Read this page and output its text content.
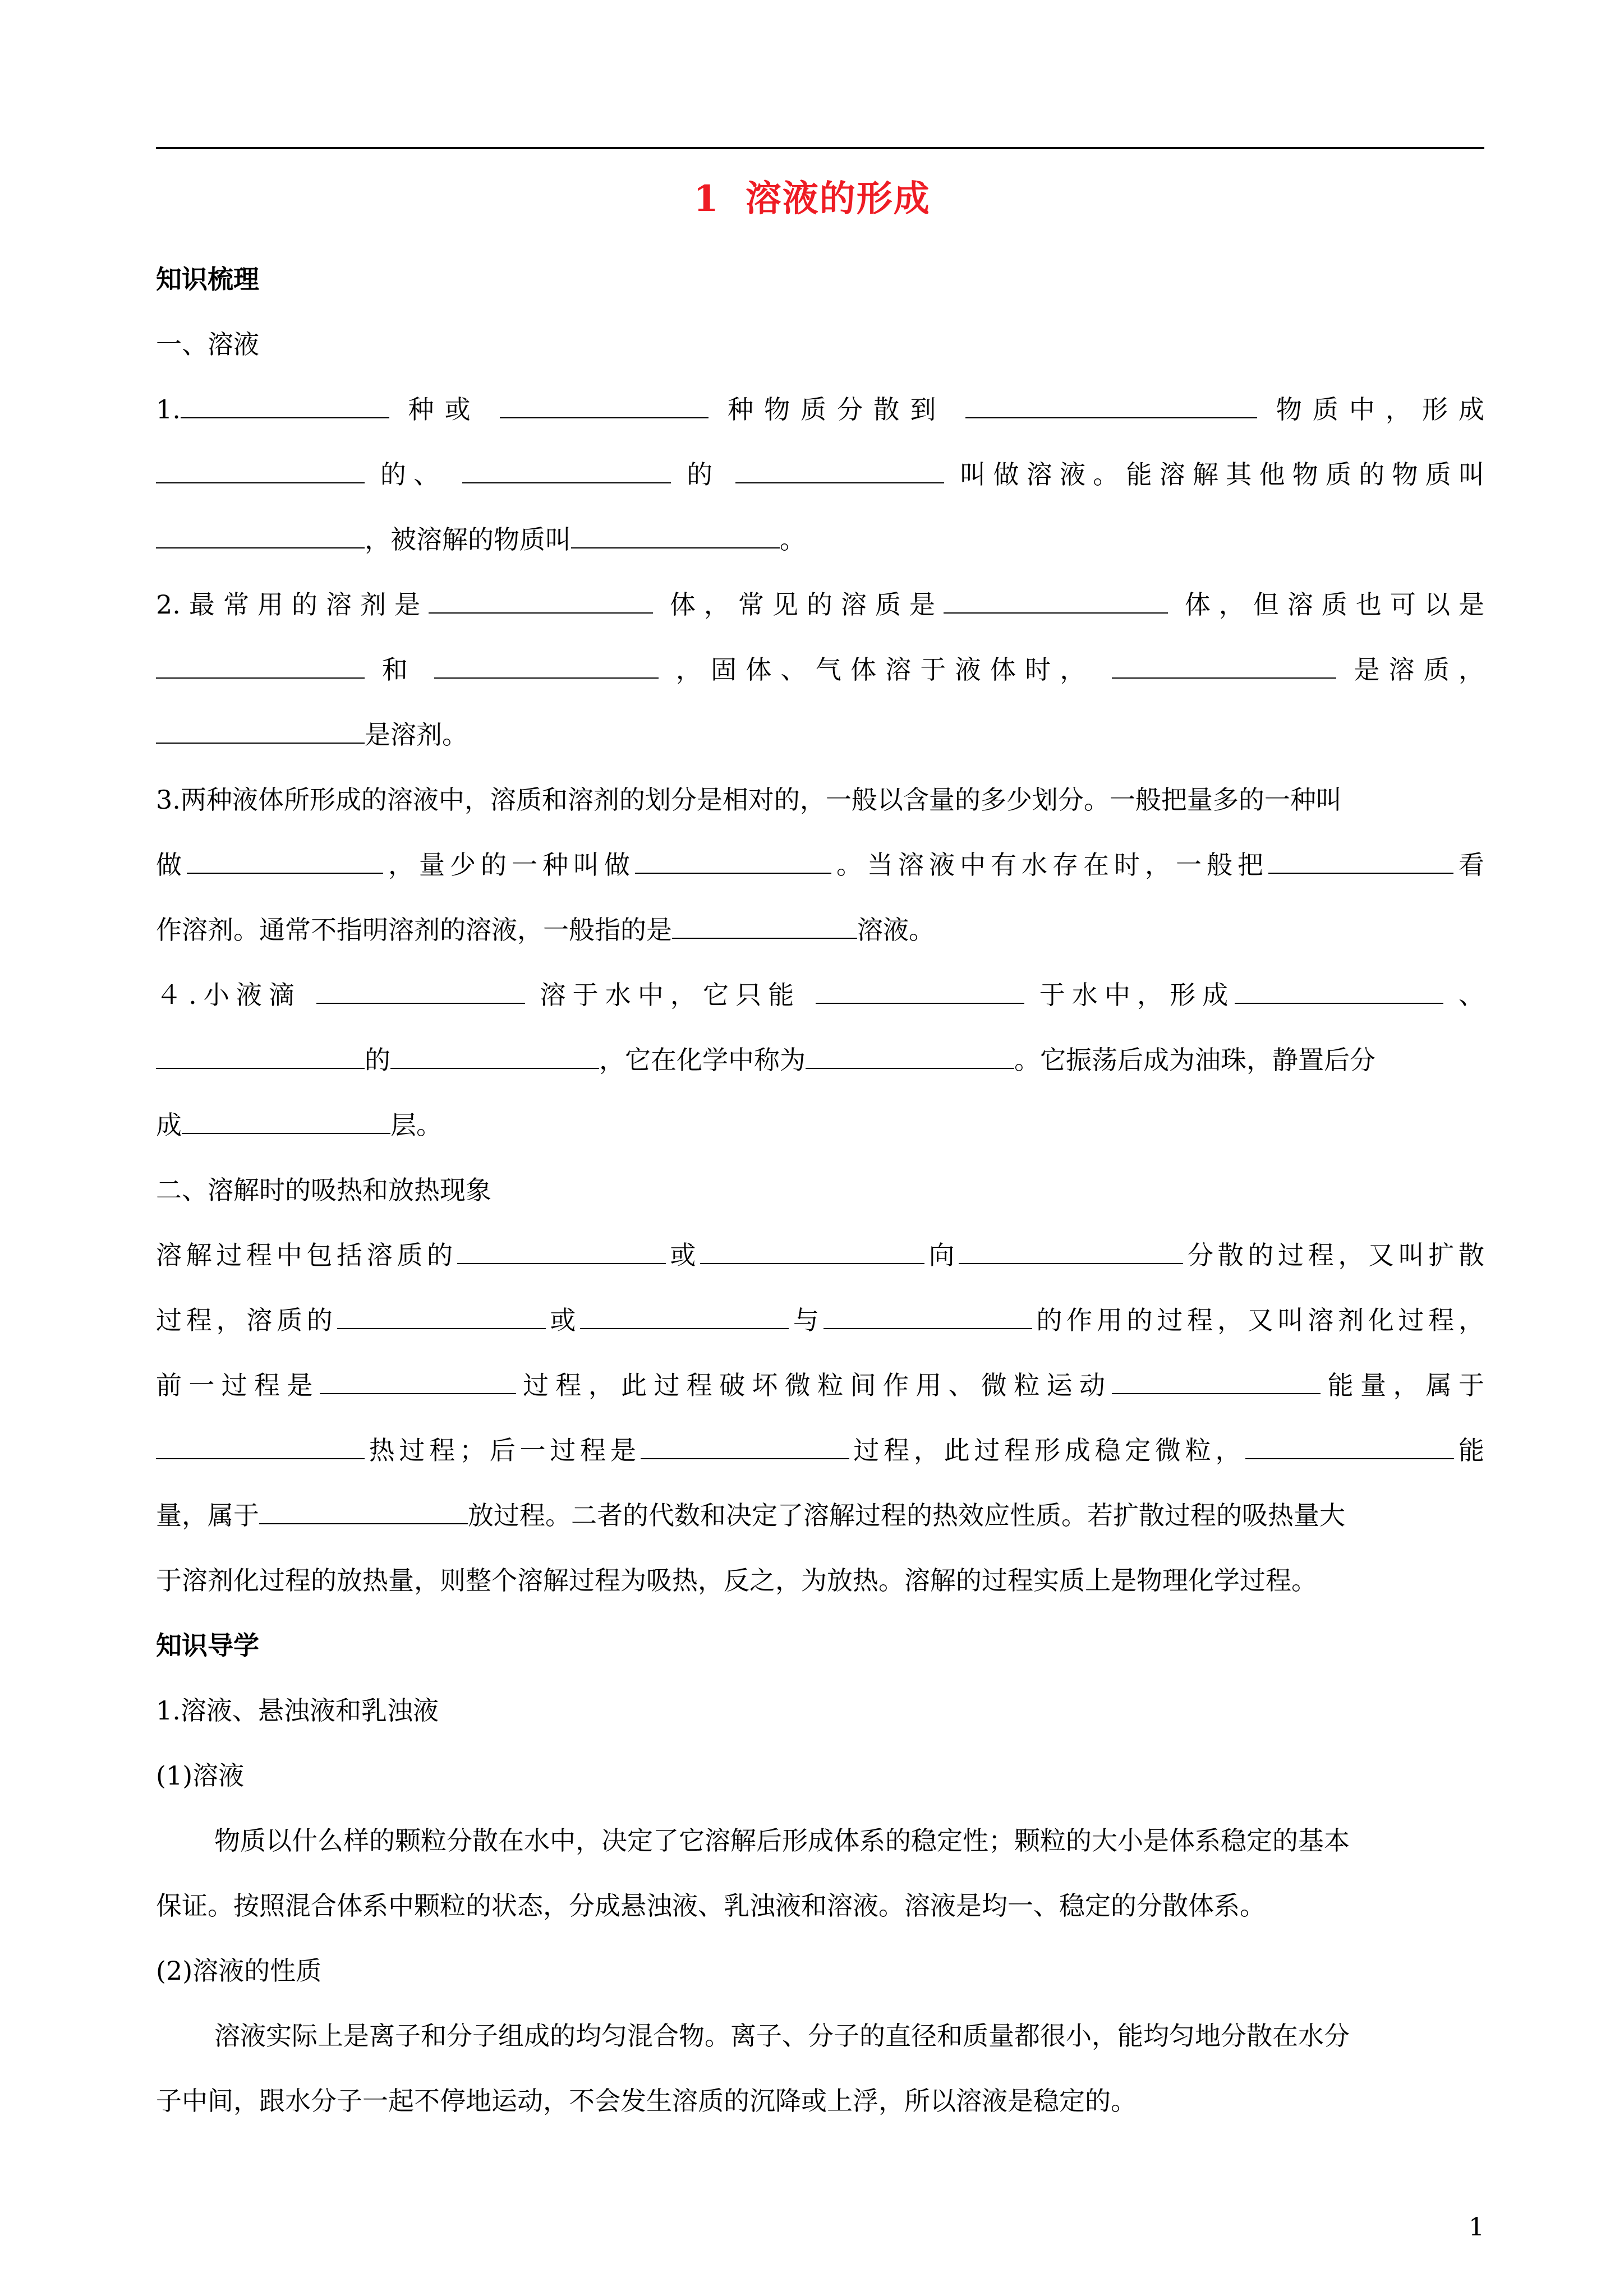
1 溶液的形成
知识梳理
一、溶液
1.	种或	种物质分散到	物质中，形成
的、	的	叫做溶液。能溶解其他物质的物质叫
，被溶解的物质叫	。
2.最常用的溶剂是	体，常见的溶质是	体，但溶质也可以是
和	，固体、气体溶于液体时，	是溶质，
是溶剂。
3.两种液体所形成的溶液中，溶质和溶剂的划分是相对的，一般以含量的多少划分。一般把量多的一种叫
做	，量少的一种叫做	。当溶液中有水存在时，一般把	看
作溶剂。通常不指明溶剂的溶液，一般指的是	溶液。
４.小液滴	溶于水中，它只能	于水中，形成	、
的	，它在化学中称为	。它振荡后成为油珠，静置后分
成	层。
二、溶解时的吸热和放热现象
溶解过程中包括溶质的	或	向	分散的过程，又叫扩散
过程，溶质的	或	与	的作用的过程，又叫溶剂化过程，
前一过程是	过程，此过程破坏微粒间作用、微粒运动	能量，属于
热过程；后一过程是	过程，此过程形成稳定微粒，	能
量，属于	放过程。二者的代数和决定了溶解过程的热效应性质。若扩散过程的吸热量大
于溶剂化过程的放热量，则整个溶解过程为吸热，反之，为放热。溶解的过程实质上是物理化学过程。
知识导学
1.溶液、悬浊液和乳浊液
(1)溶液
物质以什么样的颗粒分散在水中，决定了它溶解后形成体系的稳定性；颗粒的大小是体系稳定的基本
保证。按照混合体系中颗粒的状态，分成悬浊液、乳浊液和溶液。溶液是均一、稳定的分散体系。
(2)溶液的性质
溶液实际上是离子和分子组成的均匀混合物。离子、分子的直径和质量都很小，能均匀地分散在水分
子中间，跟水分子一起不停地运动，不会发生溶质的沉降或上浮，所以溶液是稳定的。
1
